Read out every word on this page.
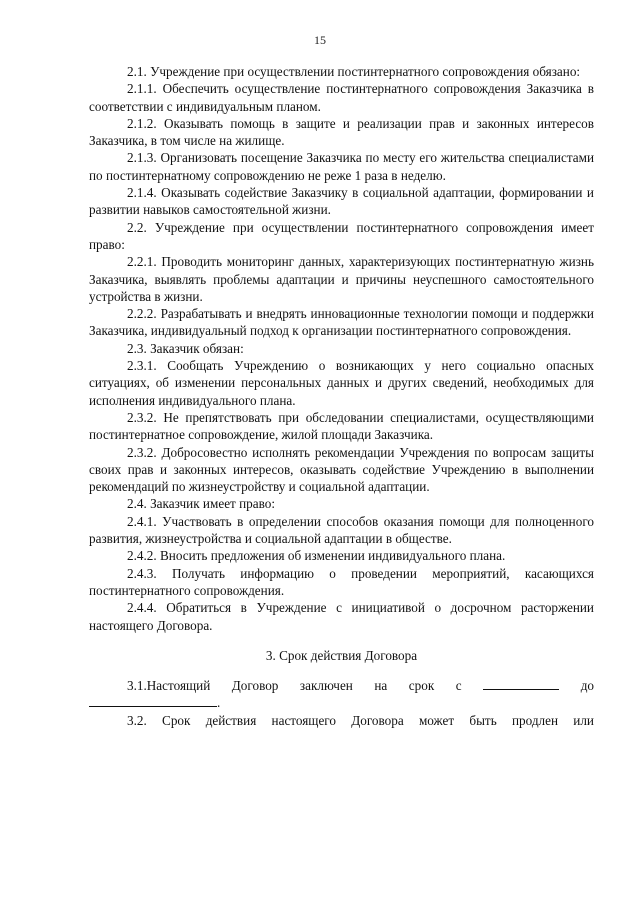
15

2.1. Учреждение при осуществлении постинтернатного сопровождения обязано:

2.1.1. Обеспечить осуществление постинтернатного сопровождения Заказчика в соответствии с индивидуальным планом.

2.1.2. Оказывать помощь в защите и реализации прав и законных интересов Заказчика, в том числе на жилище.

2.1.3. Организовать посещение Заказчика по месту его жительства специалистами по постинтернатному сопровождению не реже 1 раза в неделю.

2.1.4. Оказывать содействие Заказчику в социальной адаптации, формировании и развитии навыков самостоятельной жизни.

2.2. Учреждение при осуществлении постинтернатного сопровождения имеет право:

2.2.1. Проводить мониторинг данных, характеризующих постинтернатную жизнь Заказчика, выявлять проблемы адаптации и причины неуспешного самостоятельного устройства в жизни.

2.2.2. Разрабатывать и внедрять инновационные технологии помощи и поддержки Заказчика, индивидуальный подход к организации постинтернатного сопровождения.

2.3. Заказчик обязан:

2.3.1. Сообщать Учреждению о возникающих у него социально опасных ситуациях, об изменении персональных данных и других сведений, необходимых для исполнения индивидуального плана.

2.3.2. Не препятствовать при обследовании специалистами, осуществляющими постинтернатное сопровождение, жилой площади Заказчика.

2.3.2. Добросовестно исполнять рекомендации Учреждения по вопросам защиты своих прав и законных интересов, оказывать содействие Учреждению в выполнении рекомендаций по жизнеустройству и социальной адаптации.

2.4. Заказчик имеет право:

2.4.1. Участвовать в определении способов оказания помощи для полноценного развития, жизнеустройства и социальной адаптации в обществе.

2.4.2. Вносить предложения об изменении индивидуального плана.

2.4.3. Получать информацию о проведении мероприятий, касающихся постинтернатного сопровождения.

2.4.4. Обратиться в Учреждение с инициативой о досрочном расторжении настоящего Договора.

3. Срок действия Договора

3.1.Настоящий Договор заключен на срок с	до

.

3.2. Срок действия настоящего Договора может быть продлен или
